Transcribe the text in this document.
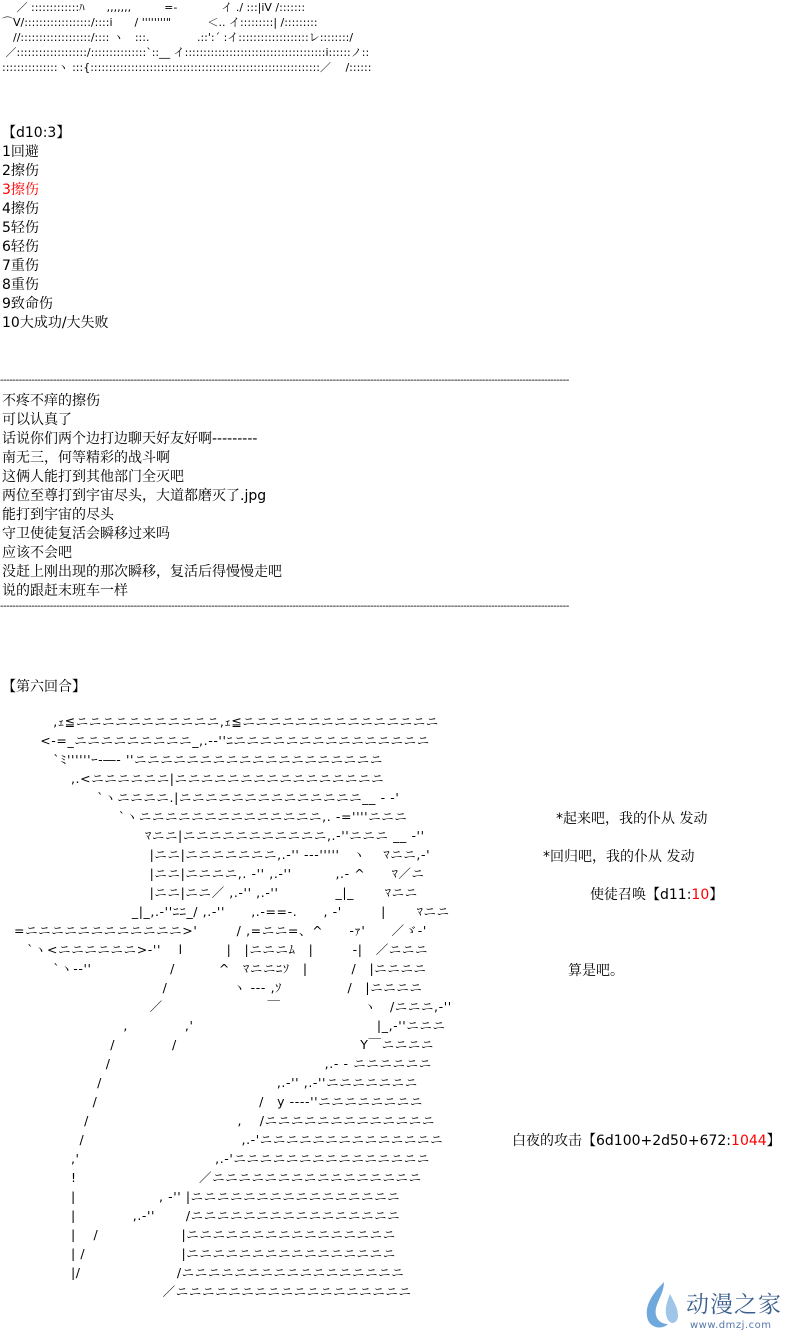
　 ／ :::::::::::::ﾊ　　,,,,,,,　　　=-　　　　イ ./ :::|iV /:::::::
⌒V/::::::::::::::::::/::::i　　/ ''''''''"　　　 ＜.. イ:::::::::| /:::::::::
　//:::::::::::::::::::/:::: ヽ　:::.　　　　 .::':´ :イ:::::::::::::::::::レ::::::::/
／:::::::::::::::::::/:::::::::::::::`::__ イ::::::::::::::::::::::::::::::::::::::i::::::ノ::
:::::::::::::::ヽ :::{::::::::::::::::::::::::::::::::::::::::::::::::::::::::::::::／　 /::::::
【d10:3】
1回避
2擦伤
3擦伤
4擦伤
5轻伤
6轻伤
7重伤
8重伤
9致命伤
10大成功/大失败
---------------------------------------------------------------------------------------------------------------------------------------------------------------------------------------
不疼不痒的擦伤
可以认真了
话说你们两个边打边聊天好友好啊---------
南无三，何等精彩的战斗啊
这俩人能打到其他部门全灭吧
两位至尊打到宇宙尽头，大道都磨灭了.jpg
能打到宇宙的尽头
守卫使徒复活会瞬移过来吗
应该不会吧
没赶上刚出现的那次瞬移，复活后得慢慢走吧
说的跟赶末班车一样
---------------------------------------------------------------------------------------------------------------------------------------------------------------------------------------
【第六回合】
　　　,ｪ≦ニニニニニニニニニニニ,ｪ≦ニニニニニニニニニニニニニニニ
　　<-=_ニニニニニニニニニ_,.-‐''ﾆニニニニニニニニニニニニニニニ
　　　`ﾐ''''''ｰ-―‐ ''ニニニニニニニニニニニニニニニニニニニ
　　　　 ,.<ニニニニニニ|ニニニニニニニニニニニニニニニニ
　　　　　　 `ヽニニニニ.|ニニニニニニニニニニニニニニ__ - ‐'
　　　　　　　　`ヽニニニニニニニニニニニニニニ,. -=''''ニニニ
　　　　　　　　　　ﾏニニ|ニニニニニニニニニニニ,.-''ニニニ __ -''
　　　　　　　　　　 |ニニ|ニニニニニニニ,.-'' ‐-‐'''''　ヽ　 ﾏニニ,-'
　　　　　　　　　　 |ニニ|ニニニニ,. -'' ,.-''　　　 ,.- ^　　ﾏ／ニ
　　　　　　　　　　 |ニニ|ニニ／ ,.-'' ,.-''　　　　 _|_　　 ﾏニニ
　　　　　　　　　_|_,.-''ﾆﾆ_/ ,.-''　　,.-==-.　　, -'　　　|　　 ﾏニニ
=ニニニニニニニニニニニニ>'　　　/ ,=ニニ=、^　　-ｧ'　　／ゞ-'
　`ヽ<ニニニニニニ>-''　 l　　　 |　|ニニニﾑ　|　　　-|　／ニニニ
　　　`ヽ‐-''　　　　　　/　　　 ^　ﾏニニﾆｿ　|　　　 /　|ニニニニ
　　　　　　　　　　　 /　　　　　ヽ ‐-‐ ,ｿ　　　　　/　|ニニニニ
　　　　　　　　　　 ／　　　　　　　　￣　　　　　　 ヽ　/ニニニ,-''
　　　　　　　　 ,　　　　 ,'　　　　　　　　　　　　　　|_,-''ニニニ
　　　　　　　 /　　　　 /　　　　　　　　　　　　　　Y￣ニニニニ
　　　　　　　/　　　　　　　　　　　　　　　　 ,.- ‐ ニニニニニニ
　　　　　　 /　　　　　　　　　　　　　 ,.-'' ,.-''ニニニニニニニ
　　　　　　/　　　　　　　　　　　　 /　y ‐--‐''ニニニニニニニニ
　　　　　 /　　　　　　　　　　　 ,　 /ニニニニニニニニニニニニニ
　　　　　/　　　　　　　　　　　　,.-'ニニニニニニニニニニニニニニ
　　　　 ,'　　　　　　　　　　 ,.-'ニニニニニニニニニニニニニニニ
　　　　 !　　　　　　　　　 ／ニニニニニニニニニニニニニニニニ
　　　　 |　　　　　　 , -'' |ニニニニニニニニニニニニニニニニ
　　　　 |　　　　 ,.-''　　 /ニニニニニニニニニニニニニニニニ
　　　　 |　 /　　　　　 　|ニニニニニニニニニニニニニニニニ
　　　　 | /　　　　　　　 |ニニニニニニニニニニニニニニニニ
　　　　 |/　　　　　　　 /ニニニニニニニニニニニニニニニニニ
　　　　　　　　　　　 ／ニニニニニニニニニニニニニニニニニニ
*起来吧，我的仆从 发动
*回归吧，我的仆从 发动
使徒召唤【d11:10】
算是吧。
白夜的攻击【6d100+2d50+672:1044】
动漫之家
www.dmzj.com
